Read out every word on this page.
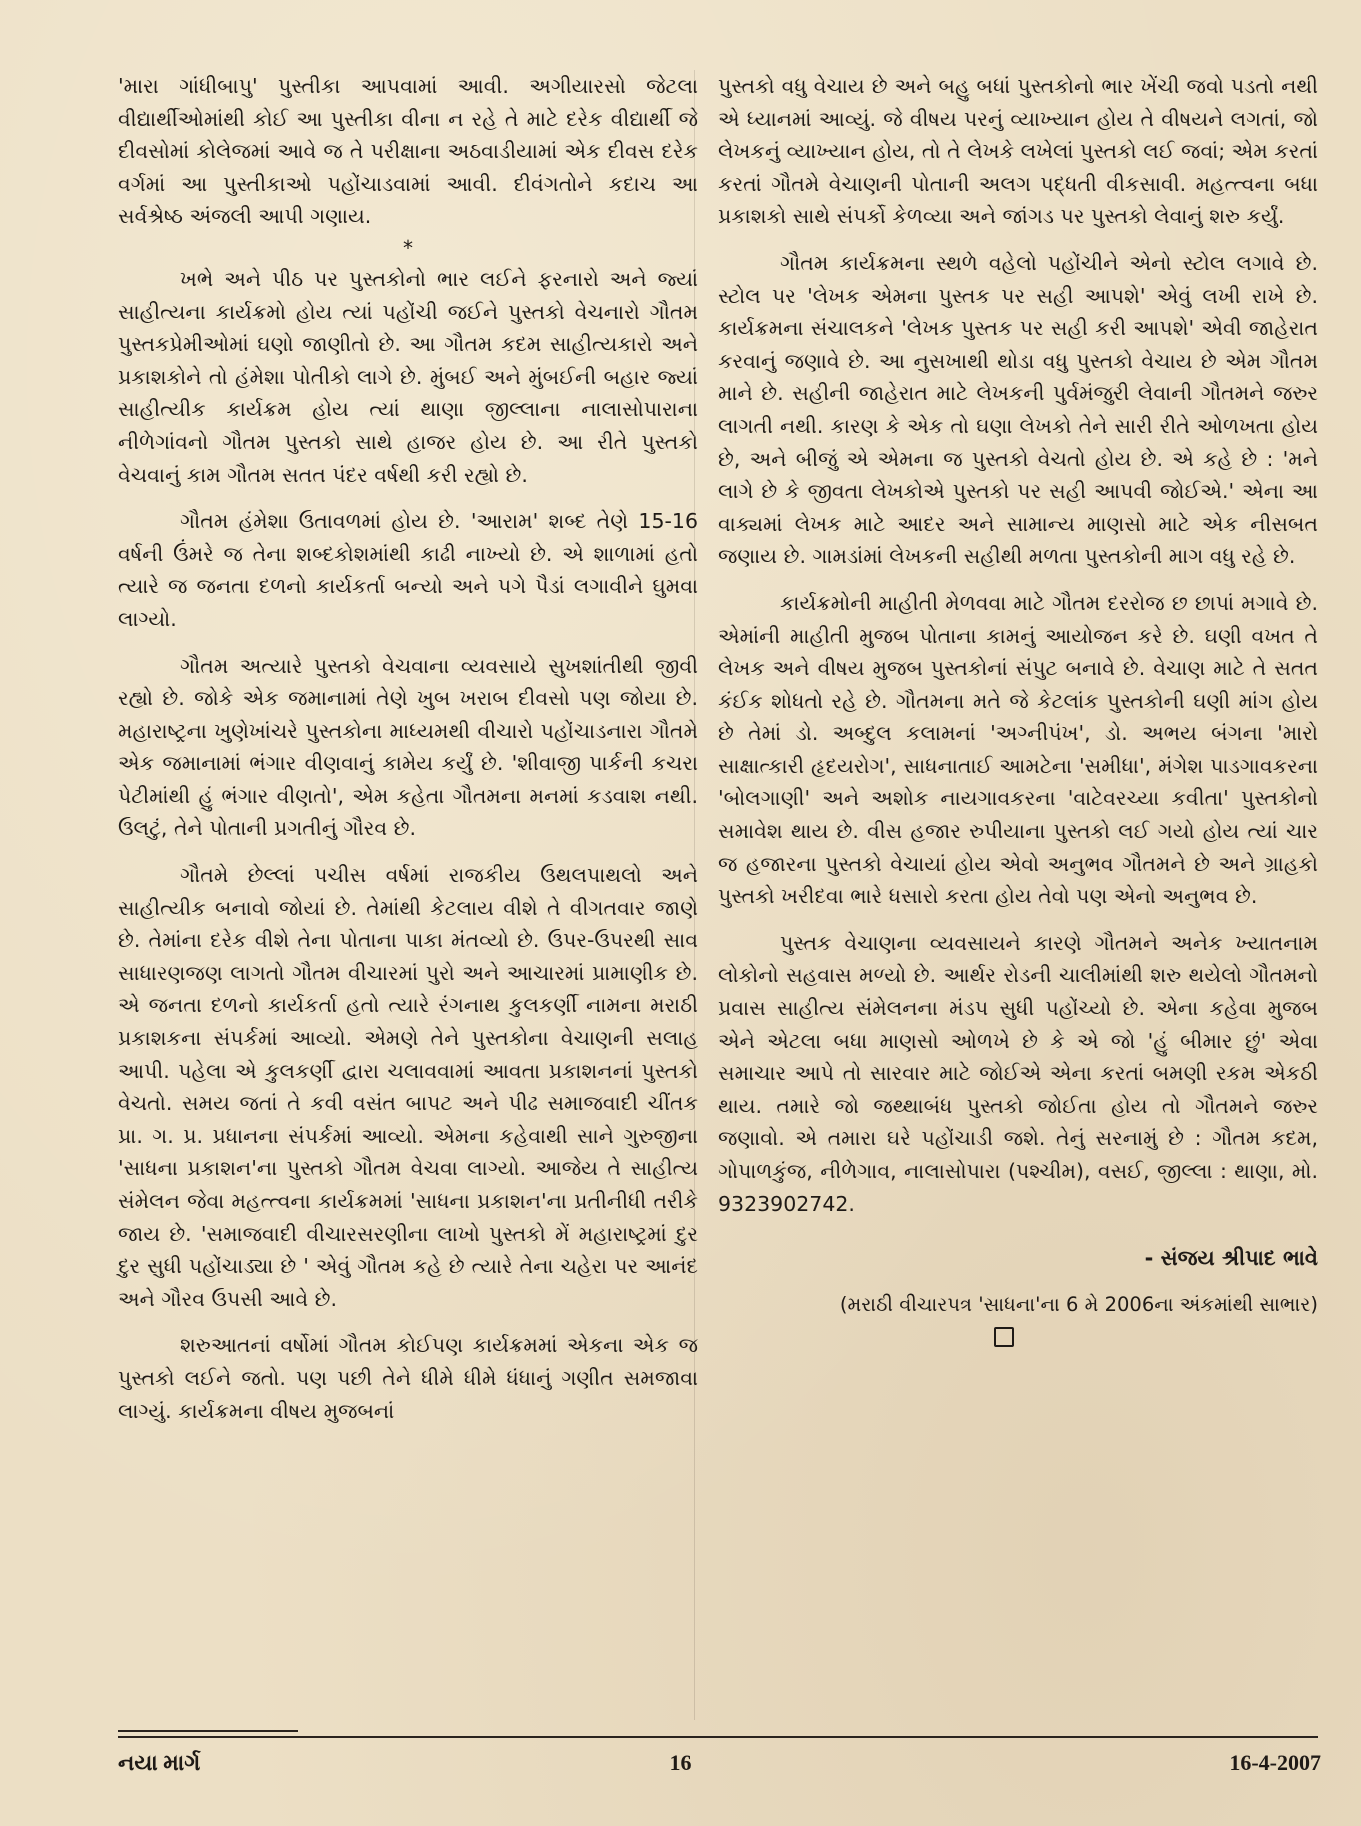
'મારા ગાંધીબાપુ' પુસ્તીકા આપવામાં આવી. અગીયારસો જેટલા વીદ્યાર્થીઓમાંથી કોઈ આ પુસ્તીકા વીના ન રહે તે માટે દરેક વીદ્યાર્થી જે દીવસોમાં કોલેજમાં આવે જ તે પરીક્ષાના અઠવાડીયામાં એક દીવસ દરેક વર્ગમાં આ પુસ્તીકાઓ પહોંચાડવામાં આવી. દીવંગતોને કદાચ આ સર્વશ્રેષ્ઠ અંજલી આપી ગણાય.

*

ખભે અને પીઠ પર પુસ્તકોનો ભાર લઈને ફરનારો અને જ્યાં સાહીત્યના કાર્યક્રમો હોય ત્યાં પહોંચી જઈને પુસ્તકો વેચનારો ગૌતમ પુસ્તકપ્રેમીઓમાં ઘણો જાણીતો છે. આ ગૌતમ કદમ સાહીત્યકારો અને પ્રકાશકોને તો હંમેશા પોતીકો લાગે છે. મુંબઈ અને મુંબઈની બહાર જ્યાં સાહીત્યીક કાર્યક્રમ હોય ત્યાં થાણા જીલ્લાના નાલાસોપારાના નીળેગાંવનો ગૌતમ પુસ્તકો સાથે હાજર હોય છે. આ રીતે પુસ્તકો વેચવાનું કામ ગૌતમ સતત પંદર વર્ષથી કરી રહ્યો છે.

ગૌતમ હંમેશા ઉતાવળમાં હોય છે. 'આરામ' શબ્દ તેણે 15-16 વર્ષની ઉંમરે જ તેના શબ્દકોશમાંથી કાઢી નાખ્યો છે. એ શાળામાં હતો ત્યારે જ જનતા દળનો કાર્યકર્તા બન્યો અને પગે પૈડાં લગાવીને ઘુમવા લાગ્યો.

ગૌતમ અત્યારે પુસ્તકો વેચવાના વ્યવસાયે સુખશાંતીથી જીવી રહ્યો છે. જોકે એક જમાનામાં તેણે ખુબ ખરાબ દીવસો પણ જોયા છે. મહારાષ્ટ્રના ખુણેખાંચરે પુસ્તકોના માધ્યમથી વીચારો પહોંચાડનારા ગૌતમે એક જમાનામાં ભંગાર વીણવાનું કામેય કર્યું છે. 'શીવાજી પાર્કની કચરા પેટીમાંથી હું ભંગાર વીણતો', એમ કહેતા ગૌતમના મનમાં કડવાશ નથી. ઉલટું, તેને પોતાની પ્રગતીનું ગૌરવ છે.

ગૌતમે છેલ્લાં પચીસ વર્ષમાં રાજકીય ઉથલપાથલો અને સાહીત્યીક બનાવો જોયાં છે. તેમાંથી કેટલાય વીશે તે વીગતવાર જાણે છે. તેમાંના દરેક વીશે તેના પોતાના પાકા મંતવ્યો છે. ઉપર-ઉપરથી સાવ સાધારણજણ લાગતો ગૌતમ વીચારમાં પુરો અને આચારમાં પ્રામાણીક છે. એ જનતા દળનો કાર્યકર્તા હતો ત્યારે રંગનાથ કુલકર્ણી નામના મરાઠી પ્રકાશકના સંપર્કમાં આવ્યો. એમણે તેને પુસ્તકોના વેચાણની સલાહ આપી. પહેલા એ કુલકર્ણી દ્વારા ચલાવવામાં આવતા પ્રકાશનનાં પુસ્તકો વેચતો. સમય જતાં તે કવી વસંત બાપટ અને પીઢ સમાજવાદી ચીંતક પ્રા. ગ. પ્ર. પ્રધાનના સંપર્કમાં આવ્યો. એમના કહેવાથી સાને ગુરુજીના 'સાધના પ્રકાશન'ના પુસ્તકો ગૌતમ વેચવા લાગ્યો. આજેય તે સાહીત્ય સંમેલન જેવા મહત્ત્વના કાર્યક્રમમાં 'સાધના પ્રકાશન'ના પ્રતીનીધી તરીકે જાય છે. 'સમાજવાદી વીચારસરણીના લાખો પુસ્તકો મેં મહારાષ્ટ્રમાં દુર દુર સુધી પહોંચાડ્યા છે ' એવું ગૌતમ કહે છે ત્યારે તેના ચહેરા પર આનંદ અને ગૌરવ ઉપસી આવે છે.

શરુઆતનાં વર્ષોમાં ગૌતમ કોઈપણ કાર્યક્રમમાં એકના એક જ પુસ્તકો લઈને જતો. પણ પછી તેને ધીમે ધીમે ધંધાનું ગણીત સમજાવા લાગ્યું. કાર્યક્રમના વીષય મુજબનાં

પુસ્તકો વધુ વેચાય છે અને બહુ બધાં પુસ્તકોનો ભાર ખેંચી જવો પડતો નથી એ ધ્યાનમાં આવ્યું. જે વીષય પરનું વ્યાખ્યાન હોય તે વીષયને લગતાં, જો લેખકનું વ્યાખ્યાન હોય, તો તે લેખકે લખેલાં પુસ્તકો લઈ જવાં; એમ કરતાં કરતાં ગૌતમે વેચાણની પોતાની અલગ પદ્ધતી વીકસાવી. મહત્ત્વના બધા પ્રકાશકો સાથે સંપર્કો કેળવ્યા અને જાંગડ પર પુસ્તકો લેવાનું શરુ કર્યું.

ગૌતમ કાર્યક્રમના સ્થળે વહેલો પહોંચીને એનો સ્ટોલ લગાવે છે. સ્ટોલ પર 'લેખક એમના પુસ્તક પર સહી આપશે' એવું લખી રાખે છે. કાર્યક્રમના સંચાલકને 'લેખક પુસ્તક પર સહી કરી આપશે' એવી જાહેરાત કરવાનું જણાવે છે. આ નુસખાથી થોડા વધુ પુસ્તકો વેચાય છે એમ ગૌતમ માને છે. સહીની જાહેરાત માટે લેખકની પુર્વમંજુરી લેવાની ગૌતમને જરુર લાગતી નથી. કારણ કે એક તો ઘણા લેખકો તેને સારી રીતે ઓળખતા હોય છે, અને બીજું એ એમના જ પુસ્તકો વેચતો હોય છે. એ કહે છે : 'મને લાગે છે કે જીવતા લેખકોએ પુસ્તકો પર સહી આપવી જોઈએ.' એના આ વાક્યમાં લેખક માટે આદર અને સામાન્ય માણસો માટે એક નીસબત જણાય છે. ગામડાંમાં લેખકની સહીથી મળતા પુસ્તકોની માગ વધુ રહે છે.

કાર્યક્રમોની માહીતી મેળવવા માટે ગૌતમ દરરોજ છ છાપાં મગાવે છે. એમાંની માહીતી મુજબ પોતાના કામનું આયોજન કરે છે. ઘણી વખત તે લેખક અને વીષય મુજબ પુસ્તકોનાં સંપુટ બનાવે છે. વેચાણ માટે તે સતત કંઈક શોધતો રહે છે. ગૌતમના મતે જે કેટલાંક પુસ્તકોની ઘણી માંગ હોય છે તેમાં ડો. અબ્દુલ કલામનાં 'અગ્નીપંખ', ડો. અભય બંગના 'મારો સાક્ષાત્કારી હૃદયરોગ', સાધનાતાઈ આમટેના 'સમીધા', મંગેશ પાડગાવકરના 'બોલગાણી' અને અશોક નાયગાવકરના 'વાટેવરચ્યા કવીતા' પુસ્તકોનો સમાવેશ થાય છે. વીસ હજાર રુપીયાના પુસ્તકો લઈ ગયો હોય ત્યાં ચાર જ હજારના પુસ્તકો વેચાયાં હોય એવો અનુભવ ગૌતમને છે અને ગ્રાહકો પુસ્તકો ખરીદવા ભારે ધસારો કરતા હોય તેવો પણ એનો અનુભવ છે.

પુસ્તક વેચાણના વ્યવસાયને કારણે ગૌતમને અનેક ખ્યાતનામ લોકોનો સહવાસ મળ્યો છે. આર્થર રોડની ચાલીમાંથી શરુ થયેલો ગૌતમનો પ્રવાસ સાહીત્ય સંમેલનના મંડપ સુધી પહોંચ્યો છે. એના કહેવા મુજબ એને એટલા બધા માણસો ઓળખે છે કે એ જો 'હું બીમાર છું' એવા સમાચાર આપે તો સારવાર માટે જોઈએ એના કરતાં બમણી રકમ એકઠી થાય. તમારે જો જથ્થાબંધ પુસ્તકો જોઈતા હોય તો ગૌતમને જરુર જણાવો. એ તમારા ઘરે પહોંચાડી જશે. તેનું સરનામું છે : ગૌતમ કદમ, ગોપાળકુંજ, નીળેગાવ, નાલાસોપારા (પશ્ચીમ), વસઈ, જીલ્લા : થાણા, મો. 9323902742.

- સંજય શ્રીપાદ ભાવે
(મરાઠી વીચારપત્ર 'સાધના'ના 6 મે 2006ના અંકમાંથી સાભાર)
નયા માર્ગ	16	16-4-2007
